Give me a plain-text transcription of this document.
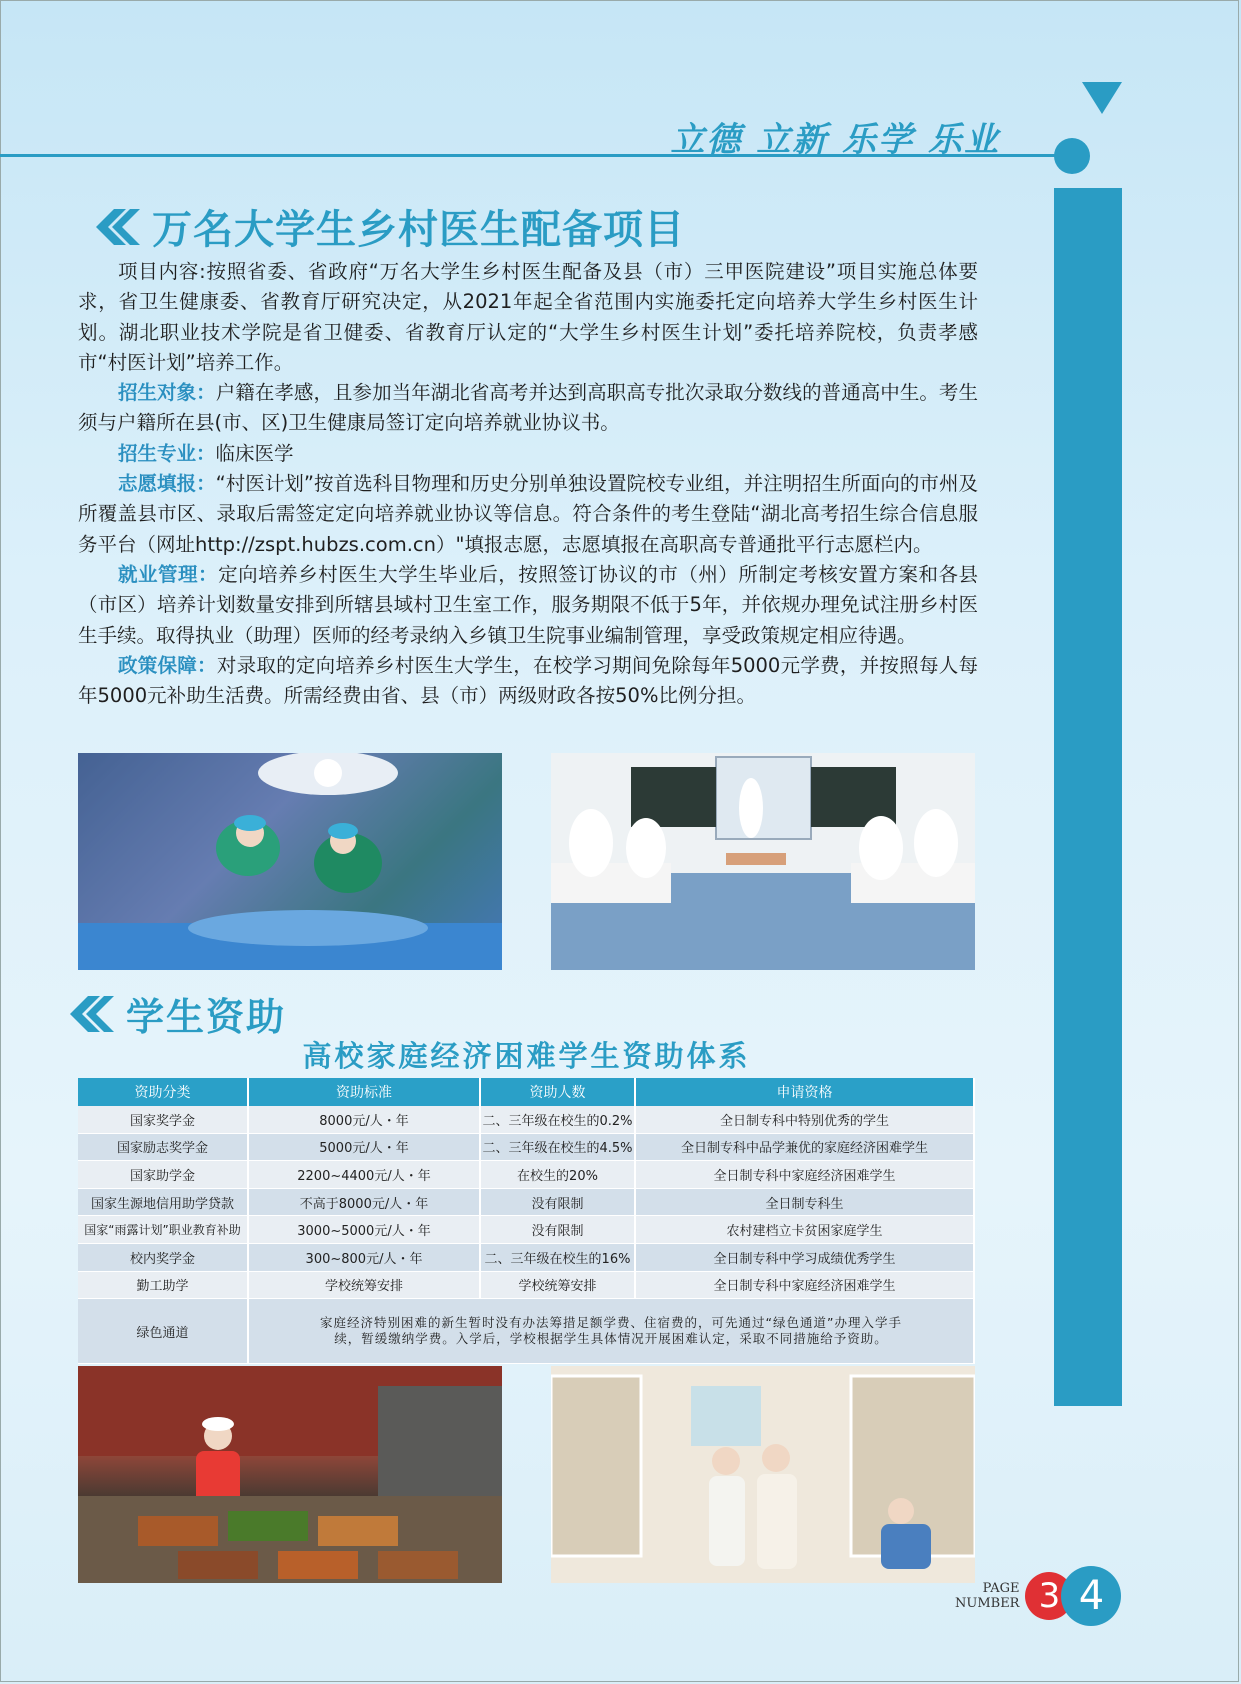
立德 立新 乐学 乐业
万名大学生乡村医生配备项目

项目内容:按照省委、省政府“万名大学生乡村医生配备及县（市）三甲医院建设”项目实施总体要求，省卫生健康委、省教育厅研究决定，从2021年起全省范围内实施委托定向培养大学生乡村医生计划。湖北职业技术学院是省卫健委、省教育厅认定的“大学生乡村医生计划”委托培养院校，负责孝感市“村医计划”培养工作。

招生对象：户籍在孝感，且参加当年湖北省高考并达到高职高专批次录取分数线的普通高中生。考生须与户籍所在县(市、区)卫生健康局签订定向培养就业协议书。

招生专业：临床医学

志愿填报：“村医计划”按首选科目物理和历史分别单独设置院校专业组，并注明招生所面向的市州及所覆盖县市区、录取后需签定定向培养就业协议等信息。符合条件的考生登陆“湖北高考招生综合信息服务平台（网址http://zspt.hubzs.com.cn）"填报志愿，志愿填报在高职高专普通批平行志愿栏内。

就业管理：定向培养乡村医生大学生毕业后，按照签订协议的市（州）所制定考核安置方案和各县（市区）培养计划数量安排到所辖县域村卫生室工作，服务期限不低于5年，并依规办理免试注册乡村医生手续。取得执业（助理）医师的经考录纳入乡镇卫生院事业编制管理，享受政策规定相应待遇。

政策保障：对录取的定向培养乡村医生大学生，在校学习期间免除每年5000元学费，并按照每人每年5000元补助生活费。所需经费由省、县（市）两级财政各按50%比例分担。

学生资助
高校家庭经济困难学生资助体系
资助分类	资助标准	资助人数	申请资格
国家奖学金	8000元/人・年	二、三年级在校生的0.2%	全日制专科中特别优秀的学生
国家励志奖学金	5000元/人・年	二、三年级在校生的4.5%	全日制专科中品学兼优的家庭经济困难学生
国家助学金	2200~4400元/人・年	在校生的20%	全日制专科中家庭经济困难学生
国家生源地信用助学贷款	不高于8000元/人・年	没有限制	全日制专科生
国家“雨露计划”职业教育补助	3000~5000元/人・年	没有限制	农村建档立卡贫困家庭学生
校内奖学金	300~800元/人・年	二、三年级在校生的16%	全日制专科中学习成绩优秀学生
勤工助学	学校统筹安排	学校统筹安排	全日制专科中家庭经济困难学生
绿色通道	家庭经济特别困难的新生暂时没有办法筹措足额学费、住宿费的，可先通过“绿色通道”办理入学手续，暂缓缴纳学费。入学后，学校根据学生具体情况开展困难认定，采取不同措施给予资助。		
PAGE
NUMBER 3 4
